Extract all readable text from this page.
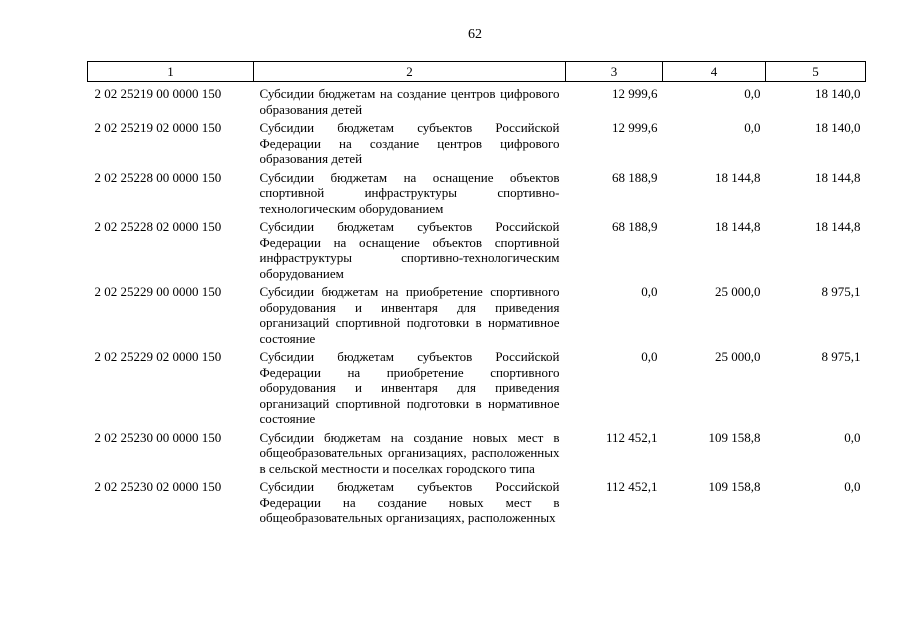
62
1	2	3	4	5
2 02 25219 00 0000 150	Субсидии бюджетам на создание центров цифрового образования детей	12 999,6	0,0	18 140,0
2 02 25219 02 0000 150	Субсидии бюджетам субъектов Российской Федерации на создание центров цифрового образования детей	12 999,6	0,0	18 140,0
2 02 25228 00 0000 150	Субсидии бюджетам на оснащение объектов спортивной инфраструктуры спортивно-технологическим оборудованием	68 188,9	18 144,8	18 144,8
2 02 25228 02 0000 150	Субсидии бюджетам субъектов Российской Федерации на оснащение объектов спортивной инфраструктуры спортивно-технологическим оборудованием	68 188,9	18 144,8	18 144,8
2 02 25229 00 0000 150	Субсидии бюджетам на приобретение спортивного оборудования и инвентаря для приведения организаций спортивной подготовки в нормативное состояние	0,0	25 000,0	8 975,1
2 02 25229 02 0000 150	Субсидии бюджетам субъектов Российской Федерации на приобретение спортивного оборудования и инвентаря для приведения организаций спортивной подготовки в нормативное состояние	0,0	25 000,0	8 975,1
2 02 25230 00 0000 150	Субсидии бюджетам на создание новых мест в общеобразовательных организациях, расположенных в сельской местности и поселках городского типа	112 452,1	109 158,8	0,0
2 02 25230 02 0000 150	Субсидии бюджетам субъектов Российской Федерации на создание новых мест в общеобразовательных организациях, расположенных	112 452,1	109 158,8	0,0
